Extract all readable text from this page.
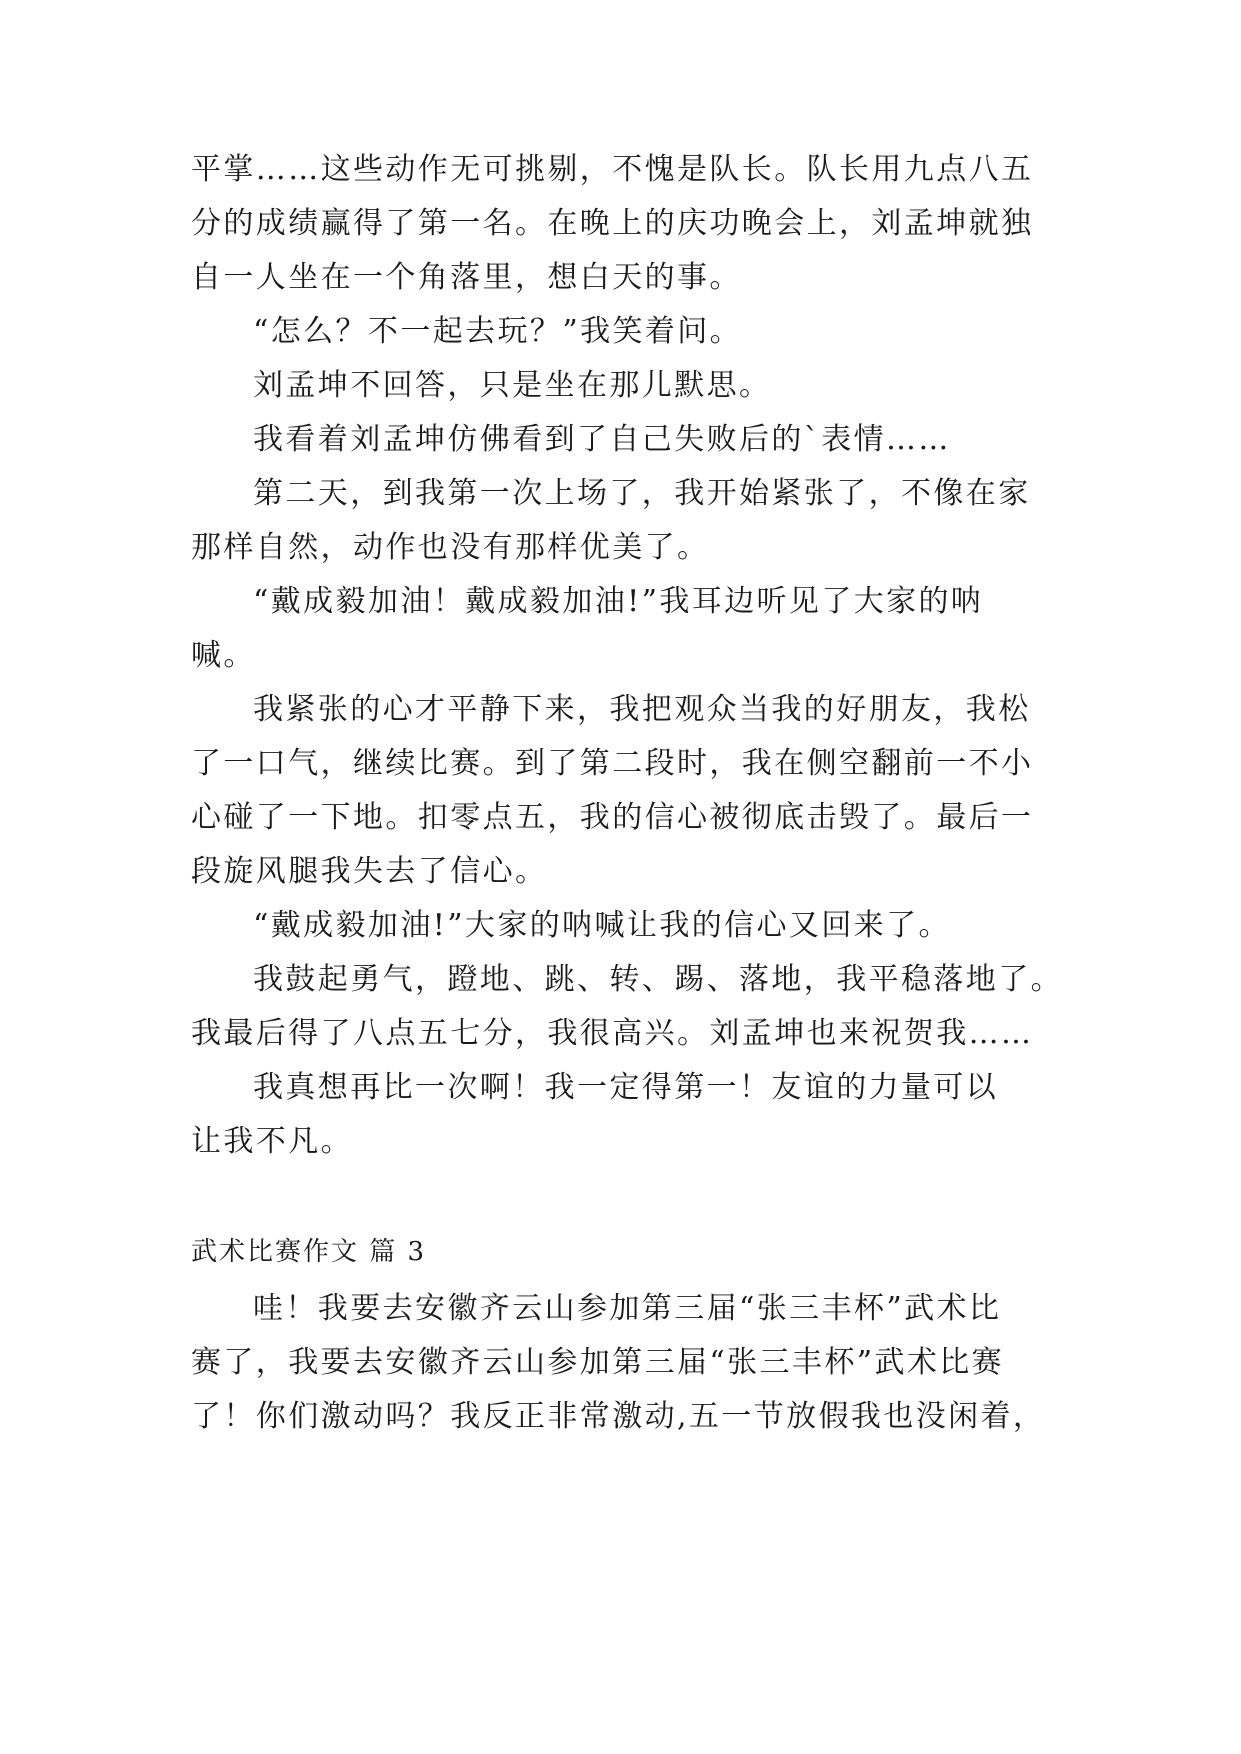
平掌……这些动作无可挑剔，不愧是队长。队长用九点八五
分的成绩赢得了第一名。在晚上的庆功晚会上，刘孟坤就独
自一人坐在一个角落里，想白天的事。
“怎么？不一起去玩？”我笑着问。
刘孟坤不回答，只是坐在那儿默思。
我看着刘孟坤仿佛看到了自己失败后的`表情……
第二天，到我第一次上场了，我开始紧张了，不像在家
那样自然，动作也没有那样优美了。
“戴成毅加油！戴成毅加油!”我耳边听见了大家的呐
喊。
我紧张的心才平静下来，我把观众当我的好朋友，我松
了一口气，继续比赛。到了第二段时，我在侧空翻前一不小
心碰了一下地。扣零点五，我的信心被彻底击毁了。最后一
段旋风腿我失去了信心。
“戴成毅加油!”大家的呐喊让我的信心又回来了。
我鼓起勇气，蹬地、跳、转、踢、落地，我平稳落地了。
我最后得了八点五七分，我很高兴。刘孟坤也来祝贺我……
我真想再比一次啊！我一定得第一！友谊的力量可以
让我不凡。
武术比赛作文 篇 3
哇！我要去安徽齐云山参加第三届“张三丰杯”武术比
赛了，我要去安徽齐云山参加第三届“张三丰杯”武术比赛
了！你们激动吗？我反正非常激动,五一节放假我也没闲着，
